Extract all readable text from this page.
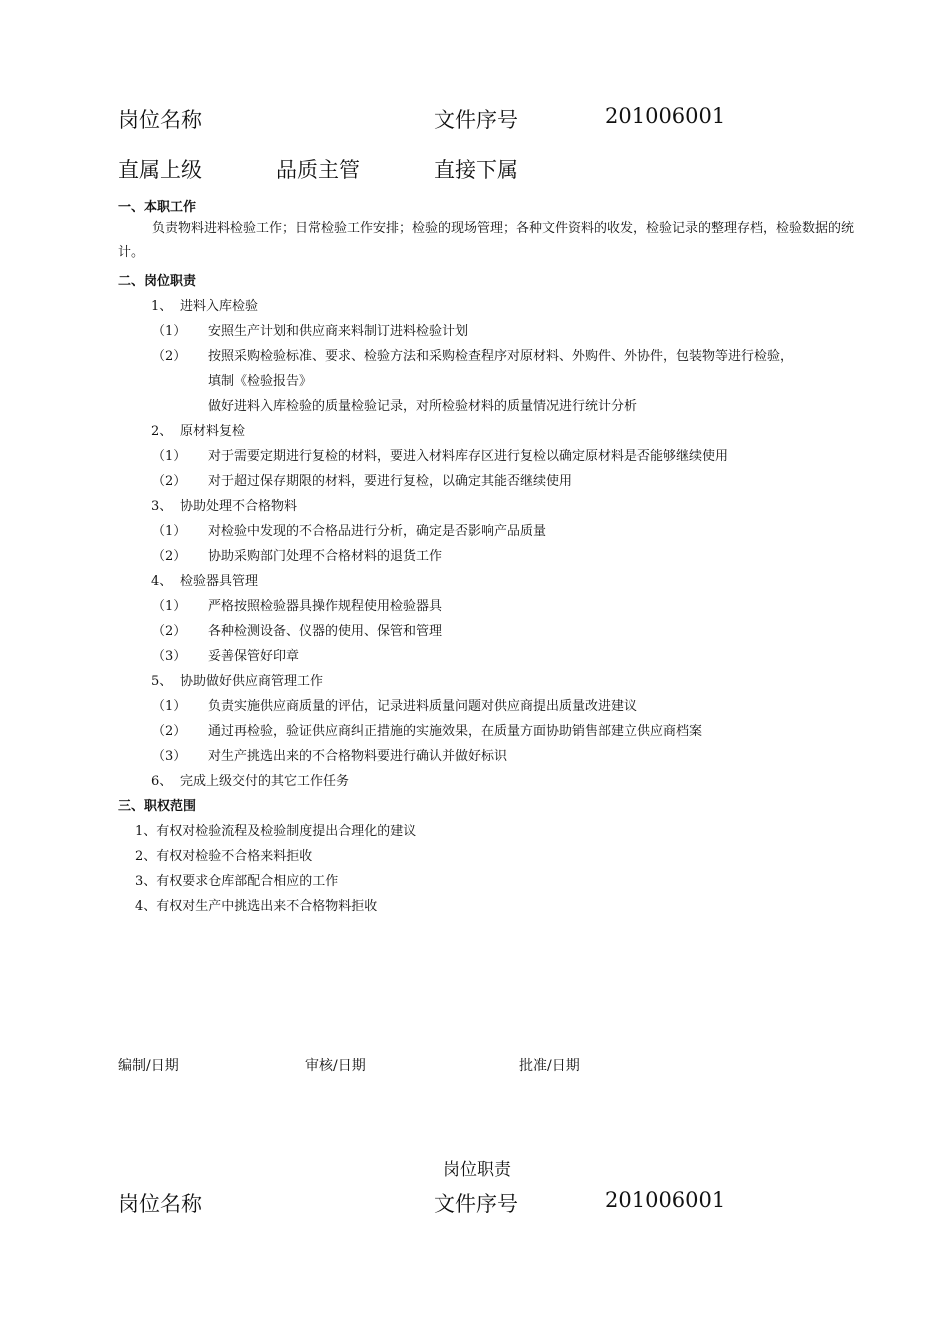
岗位名称	文件序号	201006001
直属上级	品质主管	直接下属
一、本职工作
负责物料进料检验工作；日常检验工作安排；检验的现场管理；各种文件资料的收发，检验记录的整理存档，检验数据的统计。
二、岗位职责
1、 进料入库检验
（1） 安照生产计划和供应商来料制订进料检验计划
（2） 按照采购检验标准、要求、检验方法和采购检查程序对原材料、外购件、外协件，包装物等进行检验，
填制《检验报告》
做好进料入库检验的质量检验记录，对所检验材料的质量情况进行统计分析
2、 原材料复检
（1） 对于需要定期进行复检的材料，要进入材料库存区进行复检以确定原材料是否能够继续使用
（2） 对于超过保存期限的材料，要进行复检，以确定其能否继续使用
3、 协助处理不合格物料
（1） 对检验中发现的不合格品进行分析，确定是否影响产品质量
（2） 协助采购部门处理不合格材料的退货工作
4、 检验器具管理
（1） 严格按照检验器具操作规程使用检验器具
（2） 各种检测设备、仪器的使用、保管和管理
（3） 妥善保管好印章
5、 协助做好供应商管理工作
（1） 负责实施供应商质量的评估，记录进料质量问题对供应商提出质量改进建议
（2） 通过再检验，验证供应商纠正措施的实施效果，在质量方面协助销售部建立供应商档案
（3） 对生产挑选出来的不合格物料要进行确认并做好标识
6、 完成上级交付的其它工作任务
三、职权范围
1、有权对检验流程及检验制度提出合理化的建议
2、有权对检验不合格来料拒收
3、有权要求仓库部配合相应的工作
4、有权对生产中挑选出来不合格物料拒收
编制/日期	审核/日期	批准/日期
岗位职责
岗位名称	文件序号	201006001
